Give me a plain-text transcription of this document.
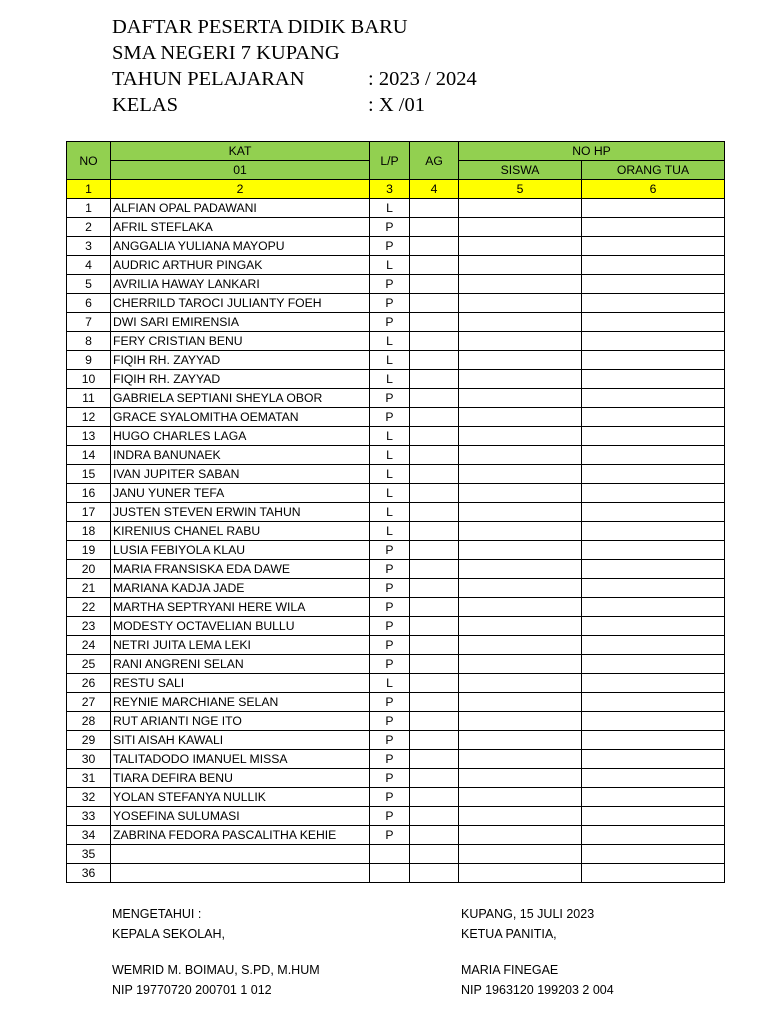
DAFTAR PESERTA DIDIK BARU
SMA NEGERI 7 KUPANG
TAHUN PELAJARAN	: 2023 / 2024
KELAS	: X /01
NO	KAT	L/P	AG	NO HP	
	01			SISWA	ORANG TUA
1	2	3	4	5	6
1	ALFIAN OPAL PADAWANI	L			
2	AFRIL STEFLAKA	P			
3	ANGGALIA YULIANA MAYOPU	P			
4	AUDRIC ARTHUR PINGAK	L			
5	AVRILIA HAWAY LANKARI	P			
6	CHERRILD TAROCI JULIANTY FOEH	P			
7	DWI SARI EMIRENSIA	P			
8	FERY CRISTIAN BENU	L			
9	FIQIH RH. ZAYYAD	L			
10	FIQIH RH. ZAYYAD	L			
11	GABRIELA SEPTIANI SHEYLA OBOR	P			
12	GRACE SYALOMITHA OEMATAN	P			
13	HUGO CHARLES LAGA	L			
14	INDRA BANUNAEK	L			
15	IVAN JUPITER SABAN	L			
16	JANU YUNER TEFA	L			
17	JUSTEN STEVEN ERWIN TAHUN	L			
18	KIRENIUS CHANEL RABU	L			
19	LUSIA FEBIYOLA KLAU	P			
20	MARIA FRANSISKA EDA DAWE	P			
21	MARIANA KADJA JADE	P			
22	MARTHA SEPTRYANI HERE WILA	P			
23	MODESTY OCTAVELIAN BULLU	P			
24	NETRI JUITA LEMA LEKI	P			
25	RANI ANGRENI SELAN	P			
26	RESTU SALI	L			
27	REYNIE MARCHIANE SELAN	P			
28	RUT ARIANTI NGE ITO	P			
29	SITI AISAH KAWALI	P			
30	TALITADODO IMANUEL MISSA	P			
31	TIARA DEFIRA BENU	P			
32	YOLAN STEFANYA NULLIK	P			
33	YOSEFINA SULUMASI	P			
34	ZABRINA FEDORA PASCALITHA KEHIE	P			
35					
36					
MENGETAHUI :
KEPALA SEKOLAH,
WEMRID M. BOIMAU, S.PD, M.HUM
NIP 19770720 200701 1 012
KUPANG, 15 JULI 2023
KETUA PANITIA,
MARIA FINEGAE
NIP 1963120 199203 2 004
